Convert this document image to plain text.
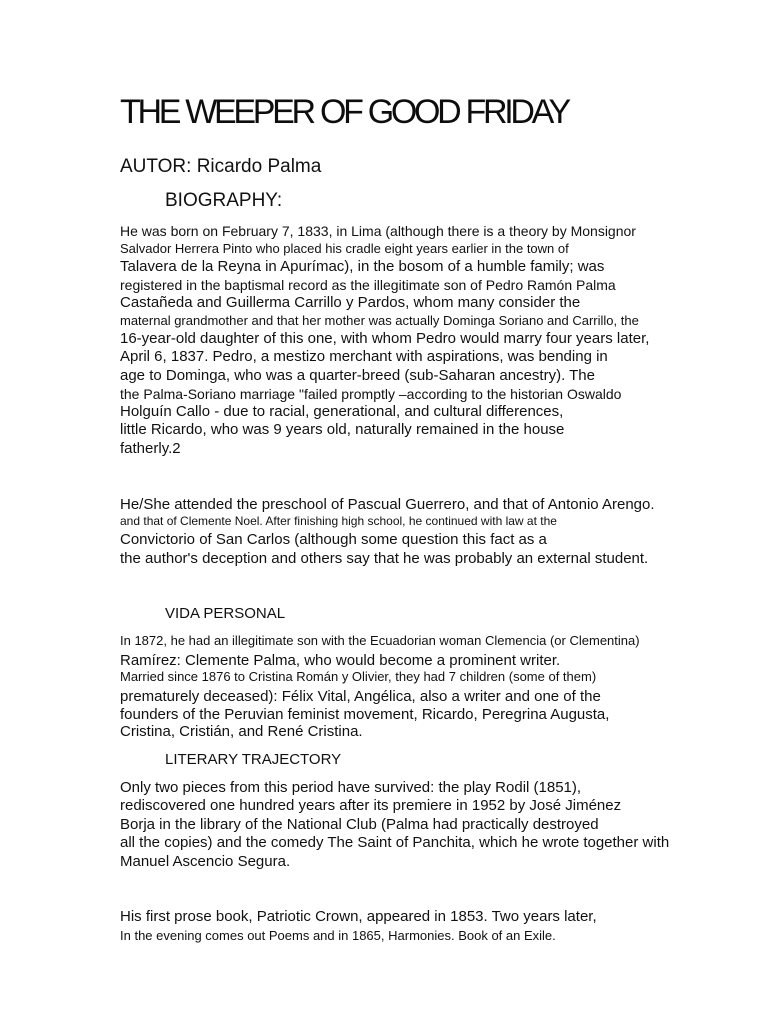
THE WEEPER OF GOOD FRIDAY
AUTOR: Ricardo Palma
BIOGRAPHY:
He was born on February 7, 1833, in Lima (although there is a theory by Monsignor
Salvador Herrera Pinto who placed his cradle eight years earlier in the town of
Talavera de la Reyna in Apurímac), in the bosom of a humble family; was
registered in the baptismal record as the illegitimate son of Pedro Ramón Palma
Castañeda and Guillerma Carrillo y Pardos, whom many consider the
maternal grandmother and that her mother was actually Dominga Soriano and Carrillo, the
16-year-old daughter of this one, with whom Pedro would marry four years later,
April 6, 1837. Pedro, a mestizo merchant with aspirations, was bending in
age to Dominga, who was a quarter-breed (sub-Saharan ancestry). The
the Palma-Soriano marriage "failed promptly –according to the historian Oswaldo
Holguín Callo - due to racial, generational, and cultural differences,
little Ricardo, who was 9 years old, naturally remained in the house
fatherly.2
He/She attended the preschool of Pascual Guerrero, and that of Antonio Arengo.
and that of Clemente Noel. After finishing high school, he continued with law at the
Convictorio of San Carlos (although some question this fact as a
the author's deception and others say that he was probably an external student.
VIDA PERSONAL
In 1872, he had an illegitimate son with the Ecuadorian woman Clemencia (or Clementina)
Ramírez: Clemente Palma, who would become a prominent writer.
Married since 1876 to Cristina Román y Olivier, they had 7 children (some of them)
prematurely deceased): Félix Vital, Angélica, also a writer and one of the
founders of the Peruvian feminist movement, Ricardo, Peregrina Augusta,
Cristina, Cristián, and René Cristina.
LITERARY TRAJECTORY
Only two pieces from this period have survived: the play Rodil (1851),
rediscovered one hundred years after its premiere in 1952 by José Jiménez
Borja in the library of the National Club (Palma had practically destroyed
all the copies) and the comedy The Saint of Panchita, which he wrote together with
Manuel Ascencio Segura.
His first prose book, Patriotic Crown, appeared in 1853. Two years later,
In the evening comes out Poems and in 1865, Harmonies. Book of an Exile.
